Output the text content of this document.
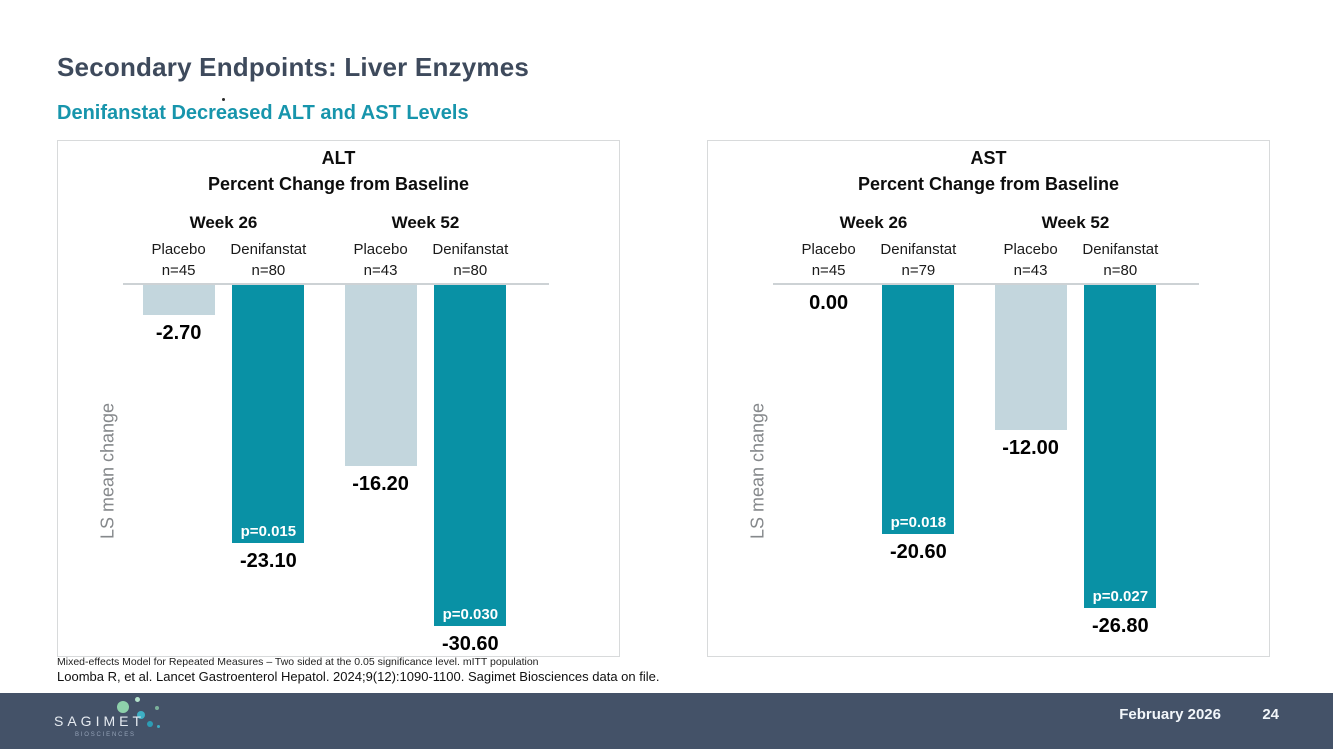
Secondary Endpoints: Liver Enzymes
Denifanstat Decreased ALT and AST Levels
ALT
Percent Change from Baseline
LS mean change
Week 26
Placebo
n=45
-2.70
Denifanstat
n=80
p=0.015
-23.10
Week 52
Placebo
n=43
-16.20
Denifanstat
n=80
p=0.030
-30.60
AST
Percent Change from Baseline
LS mean change
Week 26
Placebo
n=45
0.00
Denifanstat
n=79
p=0.018
-20.60
Week 52
Placebo
n=43
-12.00
Denifanstat
n=80
p=0.027
-26.80
Mixed-effects Model for Repeated Measures – Two sided at the 0.05 significance level. mITT population
Loomba R, et al. Lancet Gastroenterol Hepatol. 2024;9(12):1090-1100. Sagimet Biosciences data on file.
SAGIMET
BIOSCIENCES
February 2026	24
